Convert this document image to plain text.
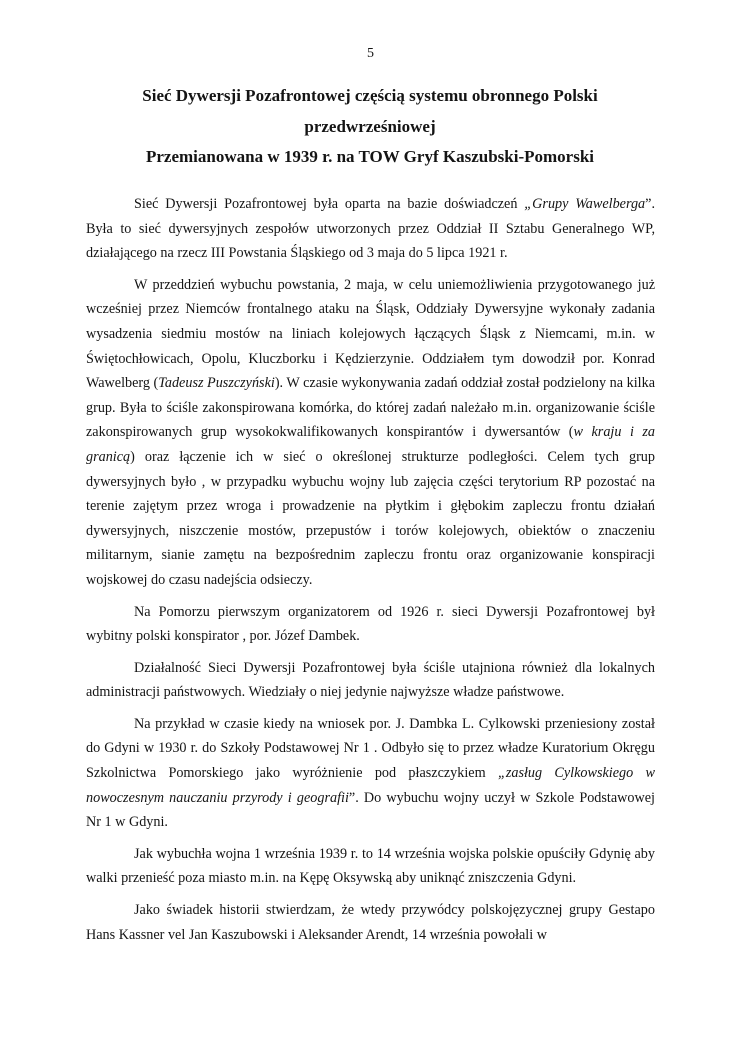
5
Sieć Dywersji Pozafrontowej częścią systemu obronnego Polski
przedwrześniowej
Przemianowana w 1939 r. na TOW Gryf Kaszubski-Pomorski

Sieć Dywersji Pozafrontowej była oparta na bazie doświadczeń „Grupy Wawelberga”. Była to sieć dywersyjnych zespołów utworzonych przez Oddział II Sztabu Generalnego WP, działającego na rzecz III Powstania Śląskiego od 3 maja do 5 lipca 1921 r.

W przeddzień wybuchu powstania, 2 maja, w celu uniemożliwienia przygotowanego już wcześniej przez Niemców frontalnego ataku na Śląsk, Oddziały Dywersyjne wykonały zadania wysadzenia siedmiu mostów na liniach kolejowych łączących Śląsk z Niemcami, m.in. w Świętochłowicach, Opolu, Kluczborku i Kędzierzynie. Oddziałem tym dowodził por. Konrad Wawelberg (Tadeusz Puszczyński). W czasie wykonywania zadań oddział został podzielony na kilka grup. Była to ściśle zakonspirowana komórka, do której zadań należało m.in. organizowanie ściśle zakonspirowanych grup wysokokwalifikowanych konspirantów i dywersantów (w kraju i za granicą) oraz łączenie ich w sieć o określonej strukturze podległości. Celem tych grup dywersyjnych było , w przypadku wybuchu wojny lub zajęcia części terytorium RP pozostać na terenie zajętym przez wroga i prowadzenie na płytkim i głębokim zapleczu frontu działań dywersyjnych, niszczenie mostów, przepustów i torów kolejowych, obiektów o znaczeniu militarnym, sianie zamętu na bezpośrednim zapleczu frontu oraz organizowanie konspiracji wojskowej do czasu nadejścia odsieczy.

Na Pomorzu pierwszym organizatorem od 1926 r. sieci Dywersji Pozafrontowej był wybitny polski konspirator , por. Józef Dambek.

Działalność Sieci Dywersji Pozafrontowej była ściśle utajniona również dla lokalnych administracji państwowych. Wiedziały o niej jedynie najwyższe władze państwowe.

Na przykład w czasie kiedy na wniosek por. J. Dambka L. Cylkowski przeniesiony został do Gdyni w 1930 r. do Szkoły Podstawowej Nr 1 . Odbyło się to przez władze Kuratorium Okręgu Szkolnictwa Pomorskiego jako wyróżnienie pod płaszczykiem „zasług Cylkowskiego w nowoczesnym nauczaniu przyrody i geografii”. Do wybuchu wojny uczył w Szkole Podstawowej Nr 1 w Gdyni.

Jak wybuchła wojna 1 września 1939 r. to 14 września wojska polskie opuściły Gdynię aby walki przenieść poza miasto m.in. na Kępę Oksywską aby uniknąć zniszczenia Gdyni.

Jako świadek historii stwierdzam, że wtedy przywódcy polskojęzycznej grupy Gestapo Hans Kassner vel Jan Kaszubowski i Aleksander Arendt, 14 września powołali w
